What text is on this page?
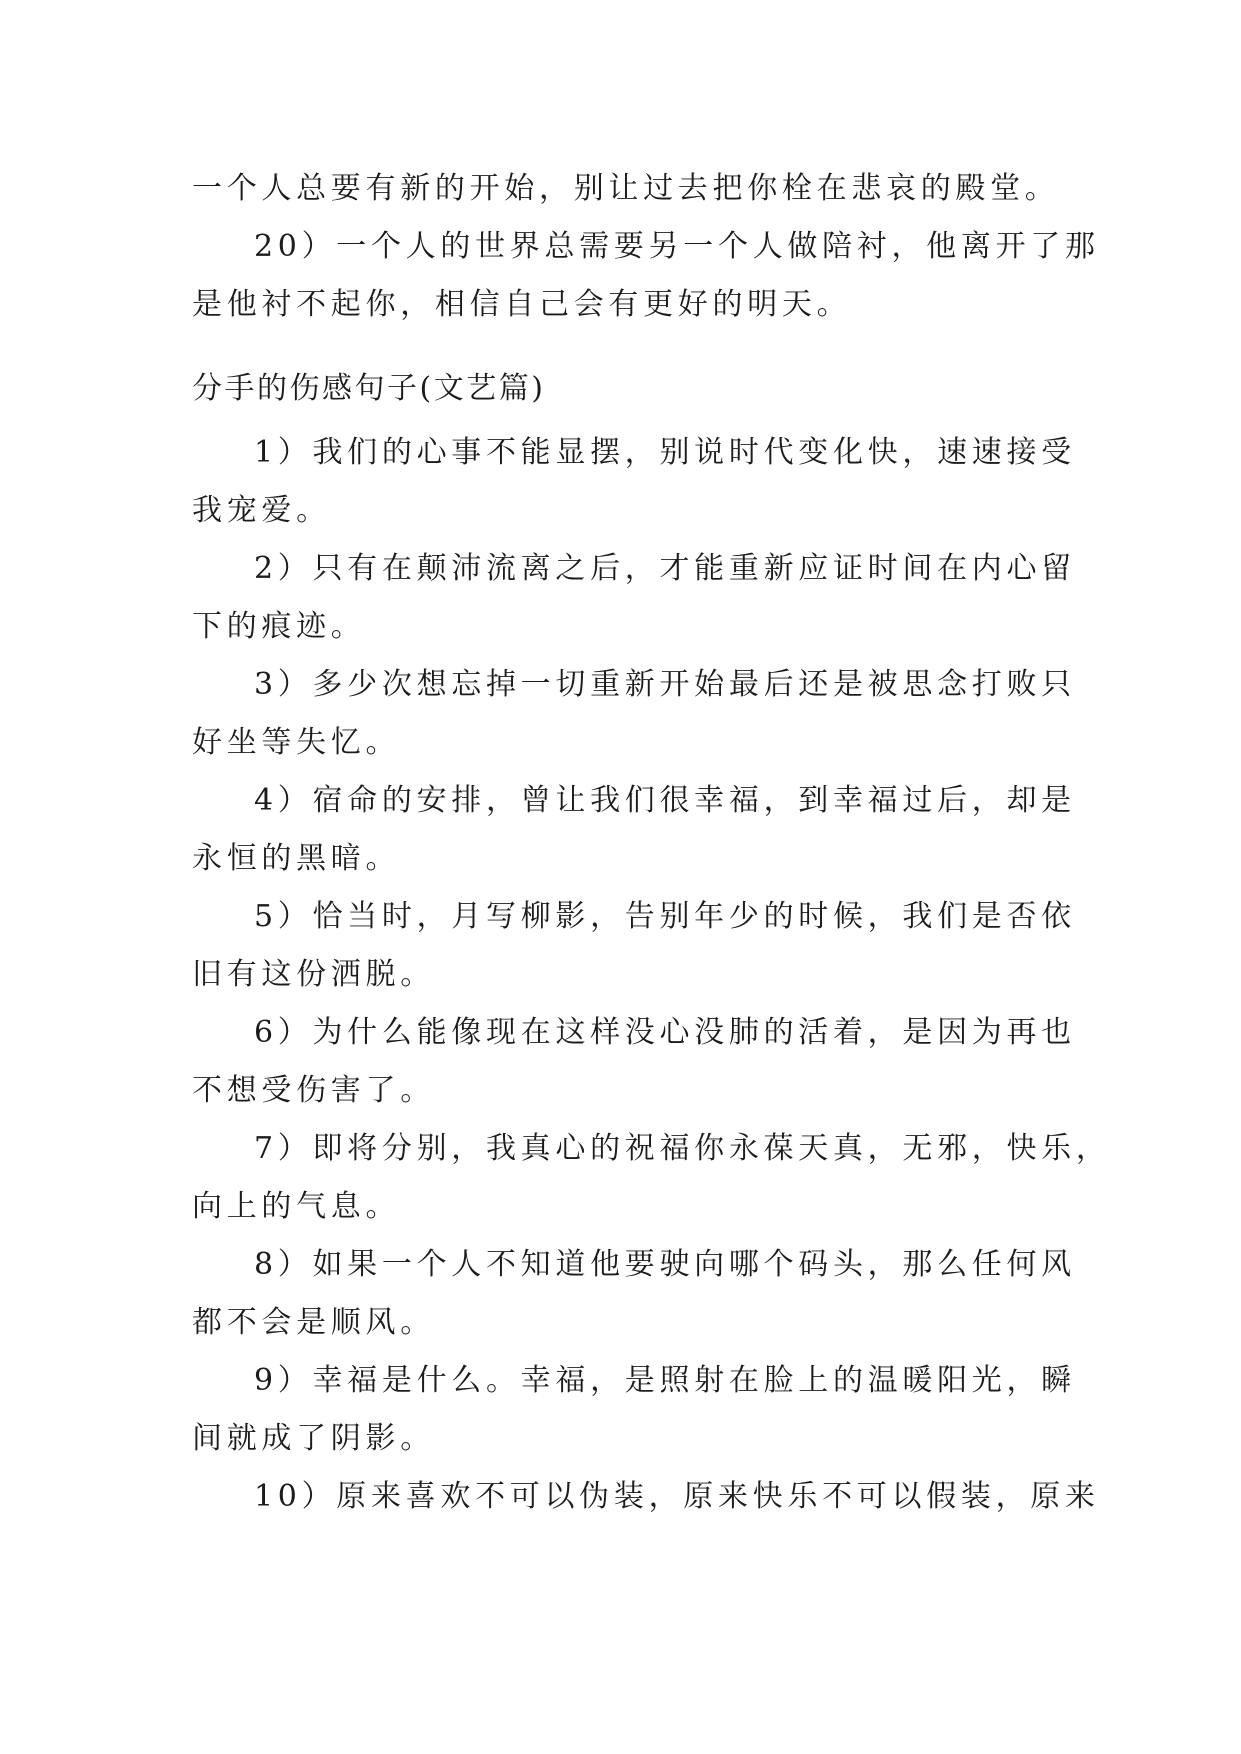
一个人总要有新的开始，别让过去把你栓在悲哀的殿堂。
20）一个人的世界总需要另一个人做陪衬，他离开了那
是他衬不起你，相信自己会有更好的明天。
分手的伤感句子(文艺篇)
1）我们的心事不能显摆，别说时代变化快，速速接受
我宠爱。
2）只有在颠沛流离之后，才能重新应证时间在内心留
下的痕迹。
3）多少次想忘掉一切重新开始最后还是被思念打败只
好坐等失忆。
4）宿命的安排，曾让我们很幸福，到幸福过后，却是
永恒的黑暗。
5）恰当时，月写柳影，告别年少的时候，我们是否依
旧有这份洒脱。
6）为什么能像现在这样没心没肺的活着，是因为再也
不想受伤害了。
7）即将分别，我真心的祝福你永葆天真，无邪，快乐，
向上的气息。
8）如果一个人不知道他要驶向哪个码头，那么任何风
都不会是顺风。
9）幸福是什么。幸福，是照射在脸上的温暖阳光，瞬
间就成了阴影。
10）原来喜欢不可以伪装，原来快乐不可以假装，原来
